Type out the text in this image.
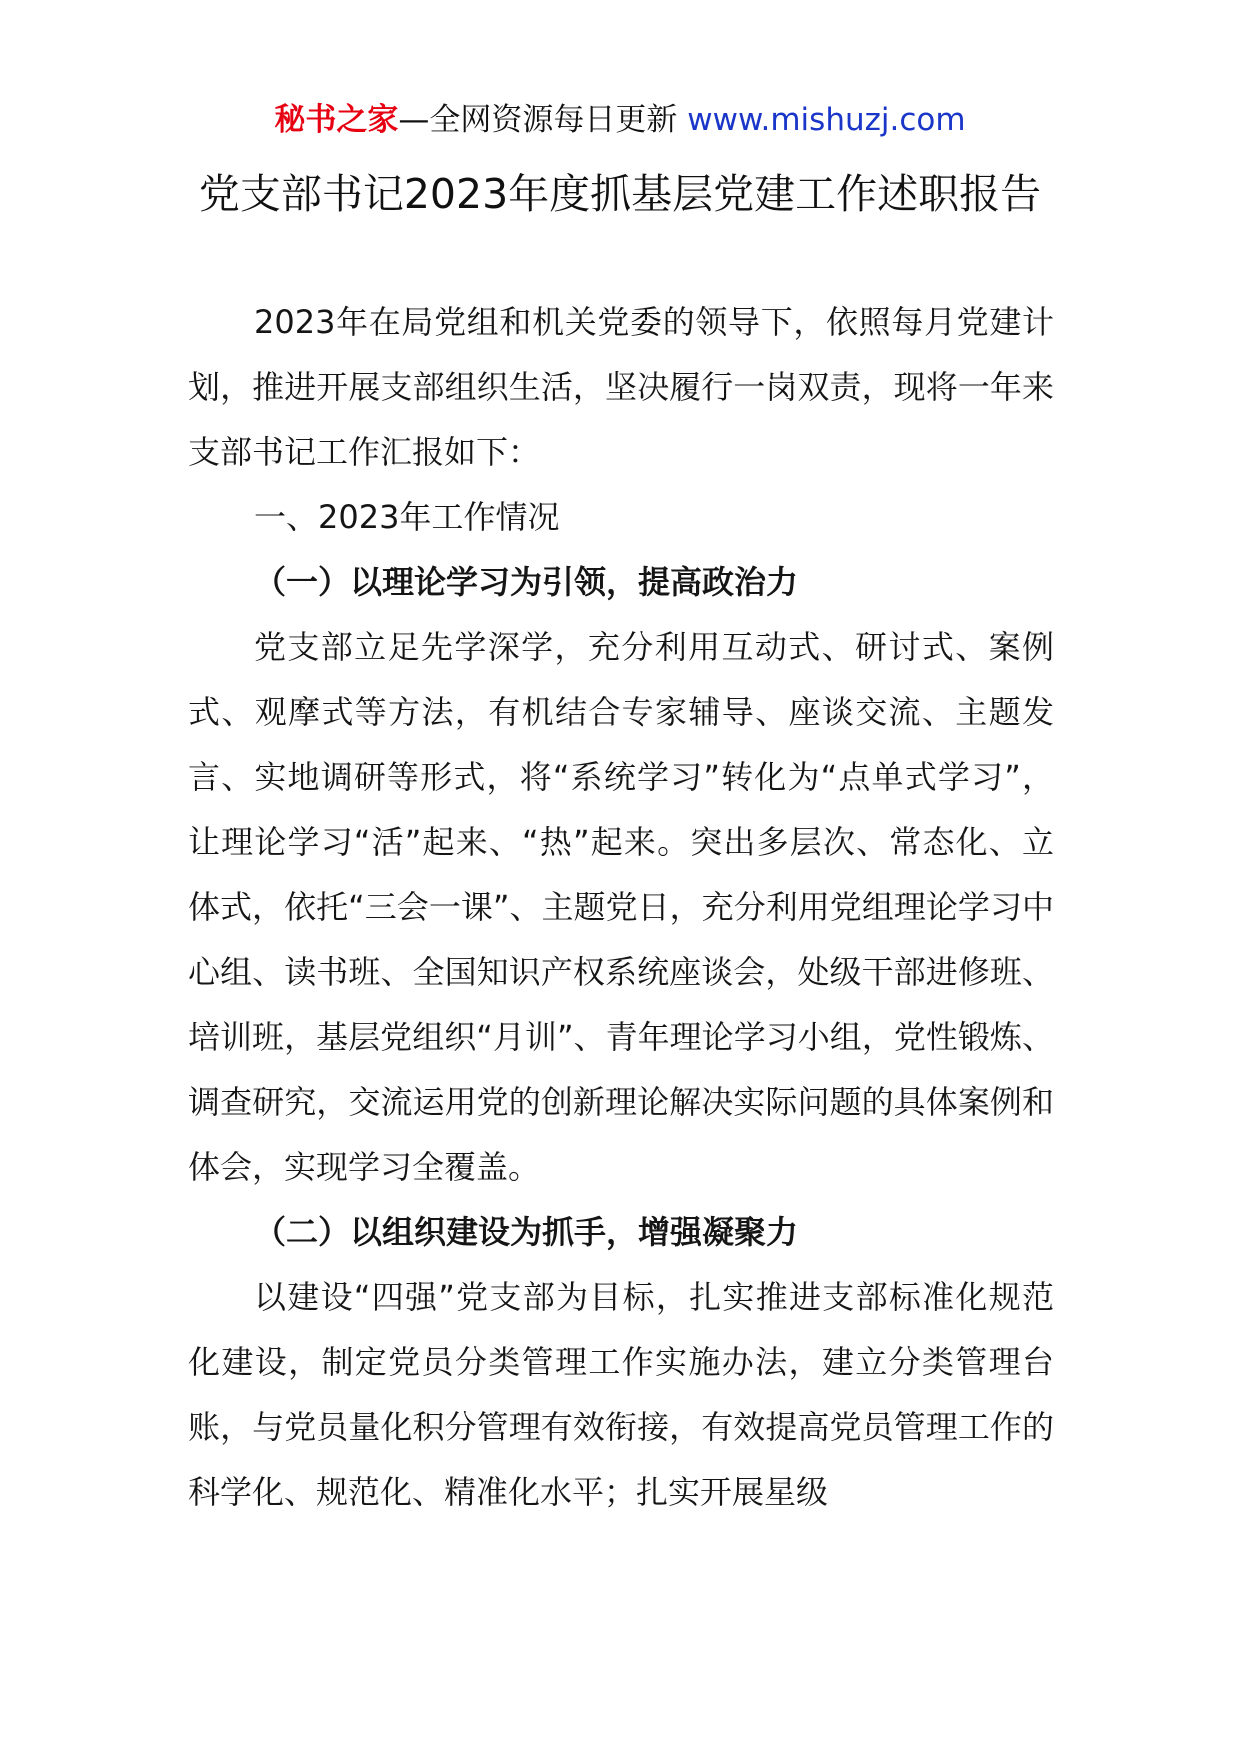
秘书之家—全网资源每日更新 www.mishuzj.com
党支部书记2023年度抓基层党建工作述职报告

2023年在局党组和机关党委的领导下，依照每月党建计划，推进开展支部组织生活，坚决履行一岗双责，现将一年来支部书记工作汇报如下：

一、2023年工作情况

（一）以理论学习为引领，提高政治力

党支部立足先学深学，充分利用互动式、研讨式、案例式、观摩式等方法，有机结合专家辅导、座谈交流、主题发言、实地调研等形式，将“系统学习”转化为“点单式学习”，让理论学习“活”起来、“热”起来。突出多层次、常态化、立体式，依托“三会一课”、主题党日，充分利用党组理论学习中心组、读书班、全国知识产权系统座谈会，处级干部进修班、培训班，基层党组织“月训”、青年理论学习小组，党性锻炼、调查研究，交流运用党的创新理论解决实际问题的具体案例和体会，实现学习全覆盖。

（二）以组织建设为抓手，增强凝聚力

以建设“四强”党支部为目标，扎实推进支部标准化规范化建设，制定党员分类管理工作实施办法，建立分类管理台账，与党员量化积分管理有效衔接，有效提高党员管理工作的科学化、规范化、精准化水平；扎实开展星级
